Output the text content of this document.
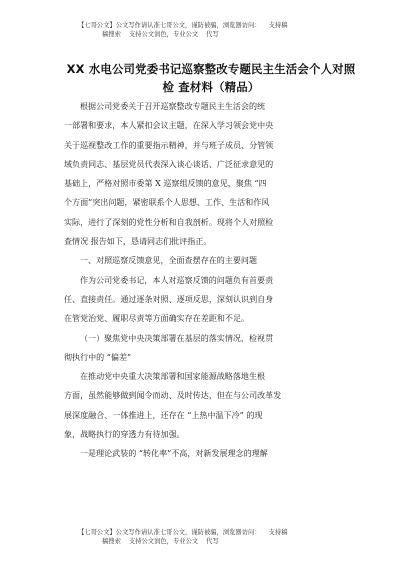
【七哥公文】公文写作请认准七哥公文，谨防被骗，浏览器访问： 支持稿
稿搜索 支持公文润色，专业公文 代写
XX 水电公司党委书记巡察整改专题民主生活会个人对照
检 查材料（精品）
根据公司党委关于召开巡察整改专题民主生活会的统
一部署和要求，本人紧扣会议主题，在深入学习领会党中央
关于巡视整改工作的重要指示精神，并与班子成员、分管领
域负责同志、基层党员代表深入谈心谈话、广泛征求意见的
基础上，严格对照市委第 X 巡察组反馈的意见，聚焦 “四
个方面”突出问题，紧密联系个人思想、工作、生活和作风
实际，进行了深刻的党性分析和自我剖析。现将个人对照检
查情况 报告如下，恳请同志们批评指正。
一、对照巡察反馈意见，全面查摆存在的主要问题
作为公司党委书记，本人对巡察反馈的问题负有首要责
任、直接责任。通过逐条对照、逐项反思，深刻认识到自身
在管党治党、履职尽责等方面确实存在差距和不足。
（一）聚焦党中央决策部署在基层的落实情况，检视贯
彻执行中的 “偏差”
在推动党中央重大决策部署和国家能源战略落地生根
方面，虽然能够做到闻令而动、及时传达，但在与公司改革发
展深度融合、一体推进上，还存在 “上热中温下冷” 的现
象，战略执行的穿透力有待加强。
一是理论武装的 “转化率”不高，对新发展理念的理解
【七哥公文】公文写作请认准七哥公文，谨防被骗，浏览器访问： 支持稿
稿搜索 支持公文润色，专业公文 代写
